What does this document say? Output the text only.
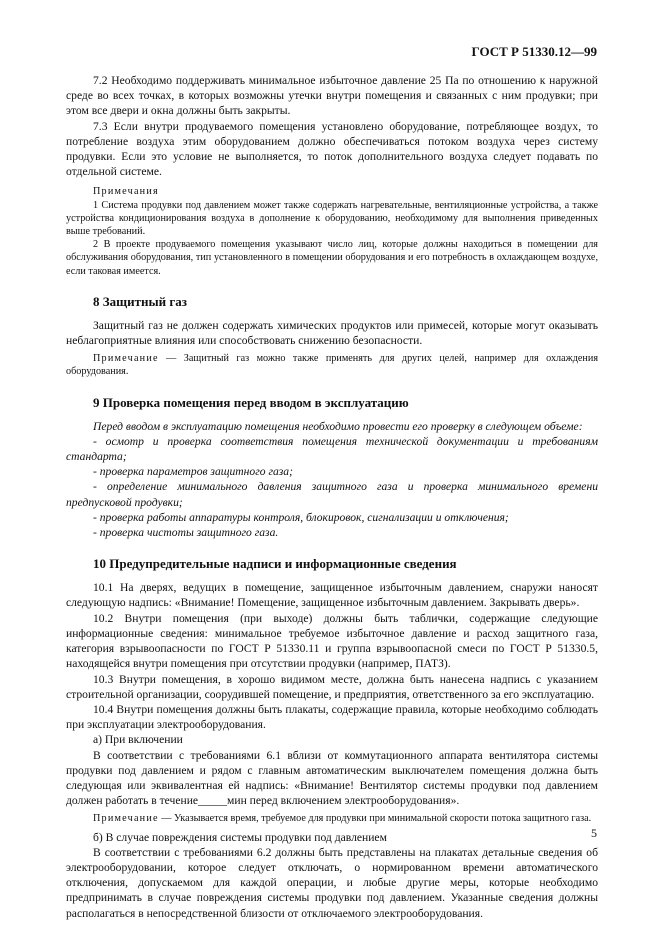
ГОСТ Р 51330.12—99

7.2 Необходимо поддерживать минимальное избыточное давление 25 Па по отношению к наружной среде во всех точках, в которых возможны утечки внутри помещения и связанных с ним продувки; при этом все двери и окна должны быть закрыты.

7.3 Если внутри продуваемого помещения установлено оборудование, потребляющее воздух, то потребление воздуха этим оборудованием должно обеспечиваться потоком воздуха через систему продувки. Если это условие не выполняется, то поток дополнительного воздуха следует подавать по отдельной системе.

Примечания

1 Система продувки под давлением может также содержать нагревательные, вентиляционные устройства, а также устройства кондиционирования воздуха в дополнение к оборудованию, необходимому для выполнения приведенных выше требований.

2 В проекте продуваемого помещения указывают число лиц, которые должны находиться в помещении для обслуживания оборудования, тип установленного в помещении оборудования и его потребность в охлаждающем воздухе, если таковая имеется.

8 Защитный газ

Защитный газ не должен содержать химических продуктов или примесей, которые могут оказывать неблагоприятные влияния или способствовать снижению безопасности.

Примечание — Защитный газ можно также применять для других целей, например для охлаждения оборудования.

9 Проверка помещения перед вводом в эксплуатацию

Перед вводом в эксплуатацию помещения необходимо провести его проверку в следующем объеме:

- осмотр и проверка соответствия помещения технической документации и требованиям стандарта;

- проверка параметров защитного газа;

- определение минимального давления защитного газа и проверка минимального времени предпусковой продувки;

- проверка работы аппаратуры контроля, блокировок, сигнализации и отключения;

- проверка чистоты защитного газа.

10 Предупредительные надписи и информационные сведения

10.1 На дверях, ведущих в помещение, защищенное избыточным давлением, снаружи наносят следующую надпись: «Внимание! Помещение, защищенное избыточным давлением. Закрывать дверь».

10.2 Внутри помещения (при выходе) должны быть таблички, содержащие следующие информационные сведения: минимальное требуемое избыточное давление и расход защитного газа, категория взрывоопасности по ГОСТ Р 51330.11 и группа взрывоопасной смеси по ГОСТ Р 51330.5, находящейся внутри помещения при отсутствии продувки (например, ПАТЗ).

10.3 Внутри помещения, в хорошо видимом месте, должна быть нанесена надпись с указанием строительной организации, соорудившей помещение, и предприятия, ответственного за его эксплуатацию.

10.4 Внутри помещения должны быть плакаты, содержащие правила, которые необходимо соблюдать при эксплуатации электрооборудования.

а) При включении

В соответствии с требованиями 6.1 вблизи от коммутационного аппарата вентилятора системы продувки под давлением и рядом с главным автоматическим выключателем помещения должна быть следующая или эквивалентная ей надпись: «Внимание! Вентилятор системы продувки под давлением должен работать в течение_____мин перед включением электрооборудования».

Примечание — Указывается время, требуемое для продувки при минимальной скорости потока защитного газа.

б) В случае повреждения системы продувки под давлением

В соответствии с требованиями 6.2 должны быть представлены на плакатах детальные сведения об электрооборудовании, которое следует отключать, о нормированном времени автоматического отключения, допускаемом для каждой операции, и любые другие меры, которые необходимо предпринимать в случае повреждения системы продувки под давлением. Указанные сведения должны располагаться в непосредственной близости от отключаемого электрооборудования.

5
